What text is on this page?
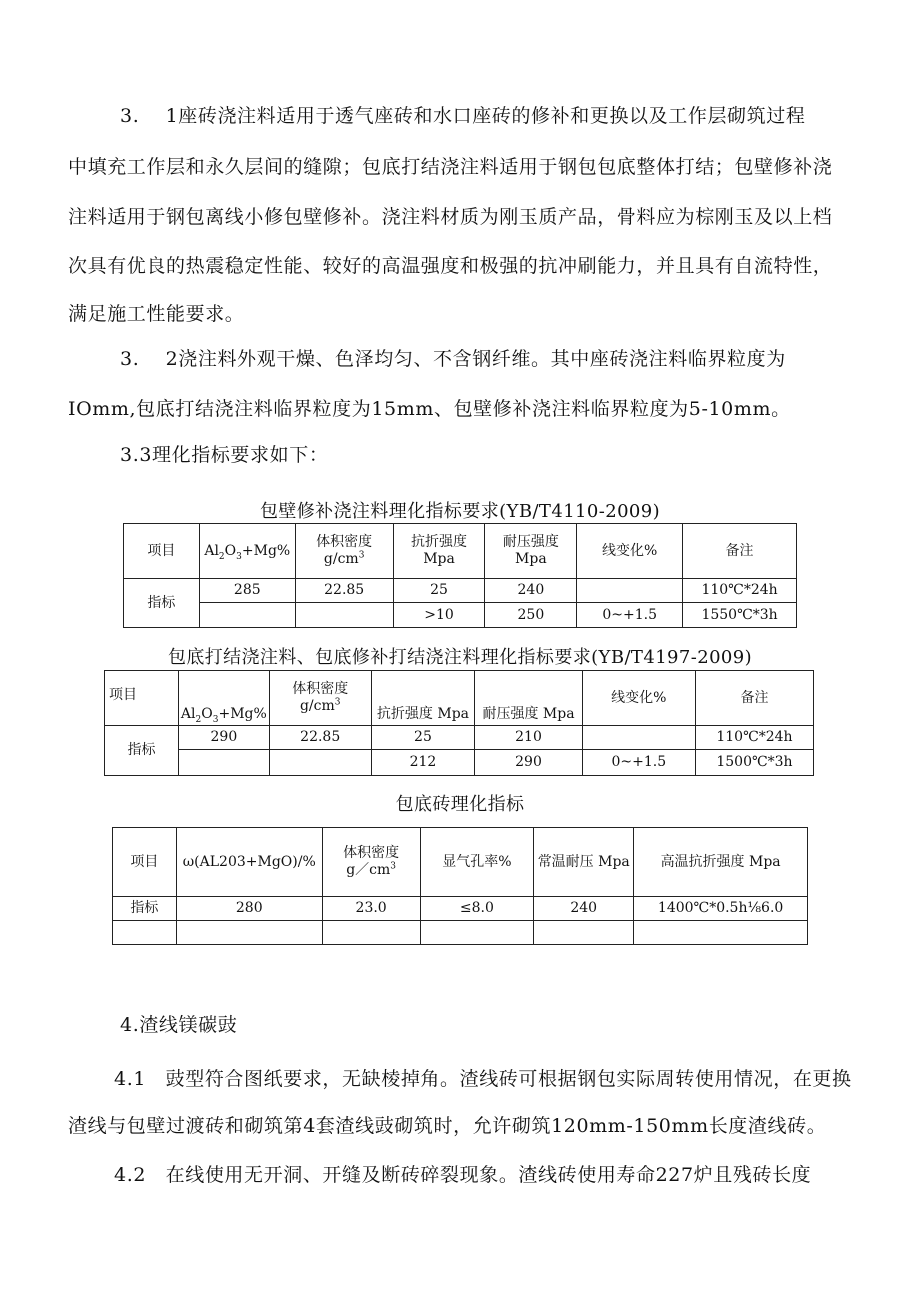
3.　 1座砖浇注料适用于透气座砖和水口座砖的修补和更换以及工作层砌筑过程
中填充工作层和永久层间的缝隙；包底打结浇注料适用于钢包包底整体打结；包壁修补浇
注料适用于钢包离线小修包壁修补。浇注料材质为刚玉质产品，骨料应为棕刚玉及以上档
次具有优良的热震稳定性能、较好的高温强度和极强的抗冲刷能力，并且具有自流特性，
满足施工性能要求。
3.　 2浇注料外观干燥、色泽均匀、不含钢纤维。其中座砖浇注料临界粒度为
IOmm,包底打结浇注料临界粒度为15mm、包壁修补浇注料临界粒度为5-10mm。
3.3理化指标要求如下：
包壁修补浇注料理化指标要求(YB/T4110-2009)
项目	$Al_2O_3+Mg\%$	体积密度
$g/cm^3$	抗折强度
Mpa	耐压强度
Mpa	线变化%	备注
指标	285	22.85	25	240		110℃*24h
			>10	250	0~+1.5	1550℃*3h
包底打结浇注料、包底修补打结浇注料理化指标要求(YB/T4197-2009)
项目	$Al_2O_3+Mg\%$	体积密度
$g/cm^3$	抗折强度 Mpa	耐压强度 Mpa	线变化%	备注
指标	290	22.85	25	210		110℃*24h
			212	290	0~+1.5	1500℃*3h
包底砖理化指标
项目	ω(AL203+MgO)/%	体积密度
$g/cm^3$	显气孔率%	常温耐压 Mpa	高温抗折强度 Mpa
指标	280	23.0	≤8.0	240	1400℃*0.5h⅛6.0

4.渣线镁碳豉
4.1　豉型符合图纸要求，无缺棱掉角。渣线砖可根据钢包实际周转使用情况，在更换
渣线与包壁过渡砖和砌筑第4套渣线豉砌筑时，允许砌筑120mm-150mm长度渣线砖。
4.2　在线使用无开洞、开缝及断砖碎裂现象。渣线砖使用寿命227炉且残砖长度
